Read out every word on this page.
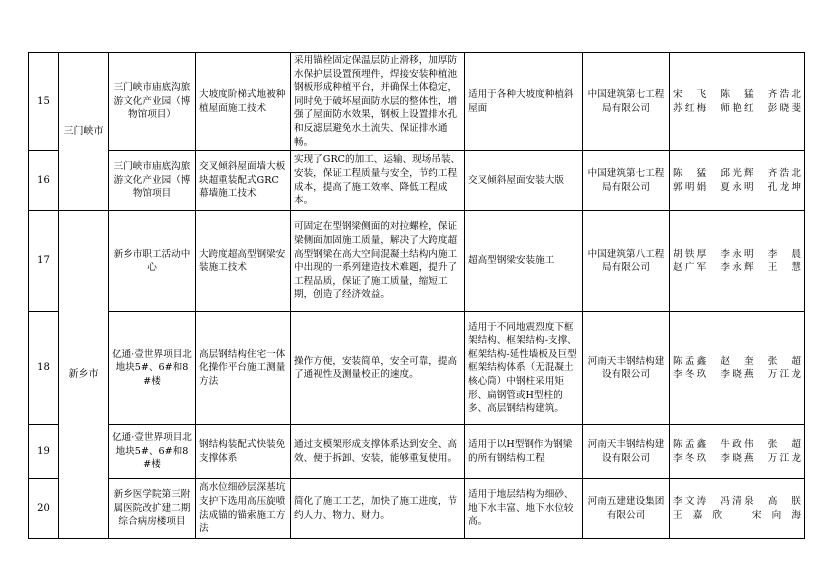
15	三门峡市	三门峡市庙底沟旅游文化产业园（博物馆项目）	大坡度阶梯式地被种植屋面施工技术	采用锚栓固定保温层防止滑移，加厚防水保护层设置预埋件，焊接安装种植池钢板形成种植平台，并确保土体稳定，同时免于破坏屋面防水层的整体性，增强了屋面防水效果，钢板上设置排水孔和反滤层避免水土流失、保证排水通畅。	适用于各种大坡度种植斜屋面	中国建筑第七工程局有限公司	宋　飞　陈　猛　齐浩北
苏红梅　师艳红　彭晓斐

16		三门峡市庙底沟旅游文化产业园（博物馆项目	交叉倾斜屋面墙大板块超重装配式GRC幕墙施工技术	实现了GRC的加工、运输、现场吊装、安装，保证工程质量与安全，节约工程成本，提高了施工效率、降低工程成本。	交叉倾斜屋面安装大版	中国建筑第七工程局有限公司	陈　猛　邱光辉　齐浩北
郭明娟　夏永明　孔龙坤

17	新乡市	新乡市职工活动中心	大跨度超高型钢梁安装施工技术	可固定在型钢梁侧面的对拉螺栓，保证梁侧面加固施工质量，解决了大跨度超高型钢梁在高大空间混凝土结构内施工中出现的一系列建造技术难题，提升了工程品质，保证了施工质量，缩短工期，创造了经济效益。	超高型钢梁安装施工	中国建筑第八工程局有限公司	胡铁厚　李永明　李　晨
赵广军　李永辉　王　慧

18		亿通·壹世界项目北地块5#、6#和8#楼	高层钢结构住宅一体化操作平台施工测量方法	操作方便，安装简单，安全可靠，提高了通视性及测量校正的速度。	适用于不同地震烈度下框架结构、框架结构-支撑、框架结构-延性墙板及巨型框架结构体系（无混凝土核心筒）中钢柱采用矩形、扁钢管或H型柱的多、高层钢结构建筑。	河南天丰钢结构建设有限公司	陈孟鑫　赵　奎　张　超
李冬玖　李晓燕　万江龙

19		亿通·壹世界项目北地块5#、6#和8#楼	钢结构装配式快装免支撑体系	通过支模架形成支撑体系达到安全、高效、便于拆卸、安装，能够重复使用。	适用于以H型钢作为钢梁的所有钢结构工程	河南天丰钢结构建设有限公司	陈孟鑫　牛政伟　张　超
李冬玖　李晓燕　万江龙

20		新乡医学院第三附属医院改扩建二期综合病房楼项目	高水位细砂层深基坑支护下选用高压旋喷法成锚的锚索施工方法	简化了施工工艺，加快了施工进度，节约人力、物力、财力。	适用于地层结构为细砂、地下水丰富、地下水位较高。	河南五建建设集团有限公司	李文涛　冯清泉　高　朕
王嘉欣　宋向海
